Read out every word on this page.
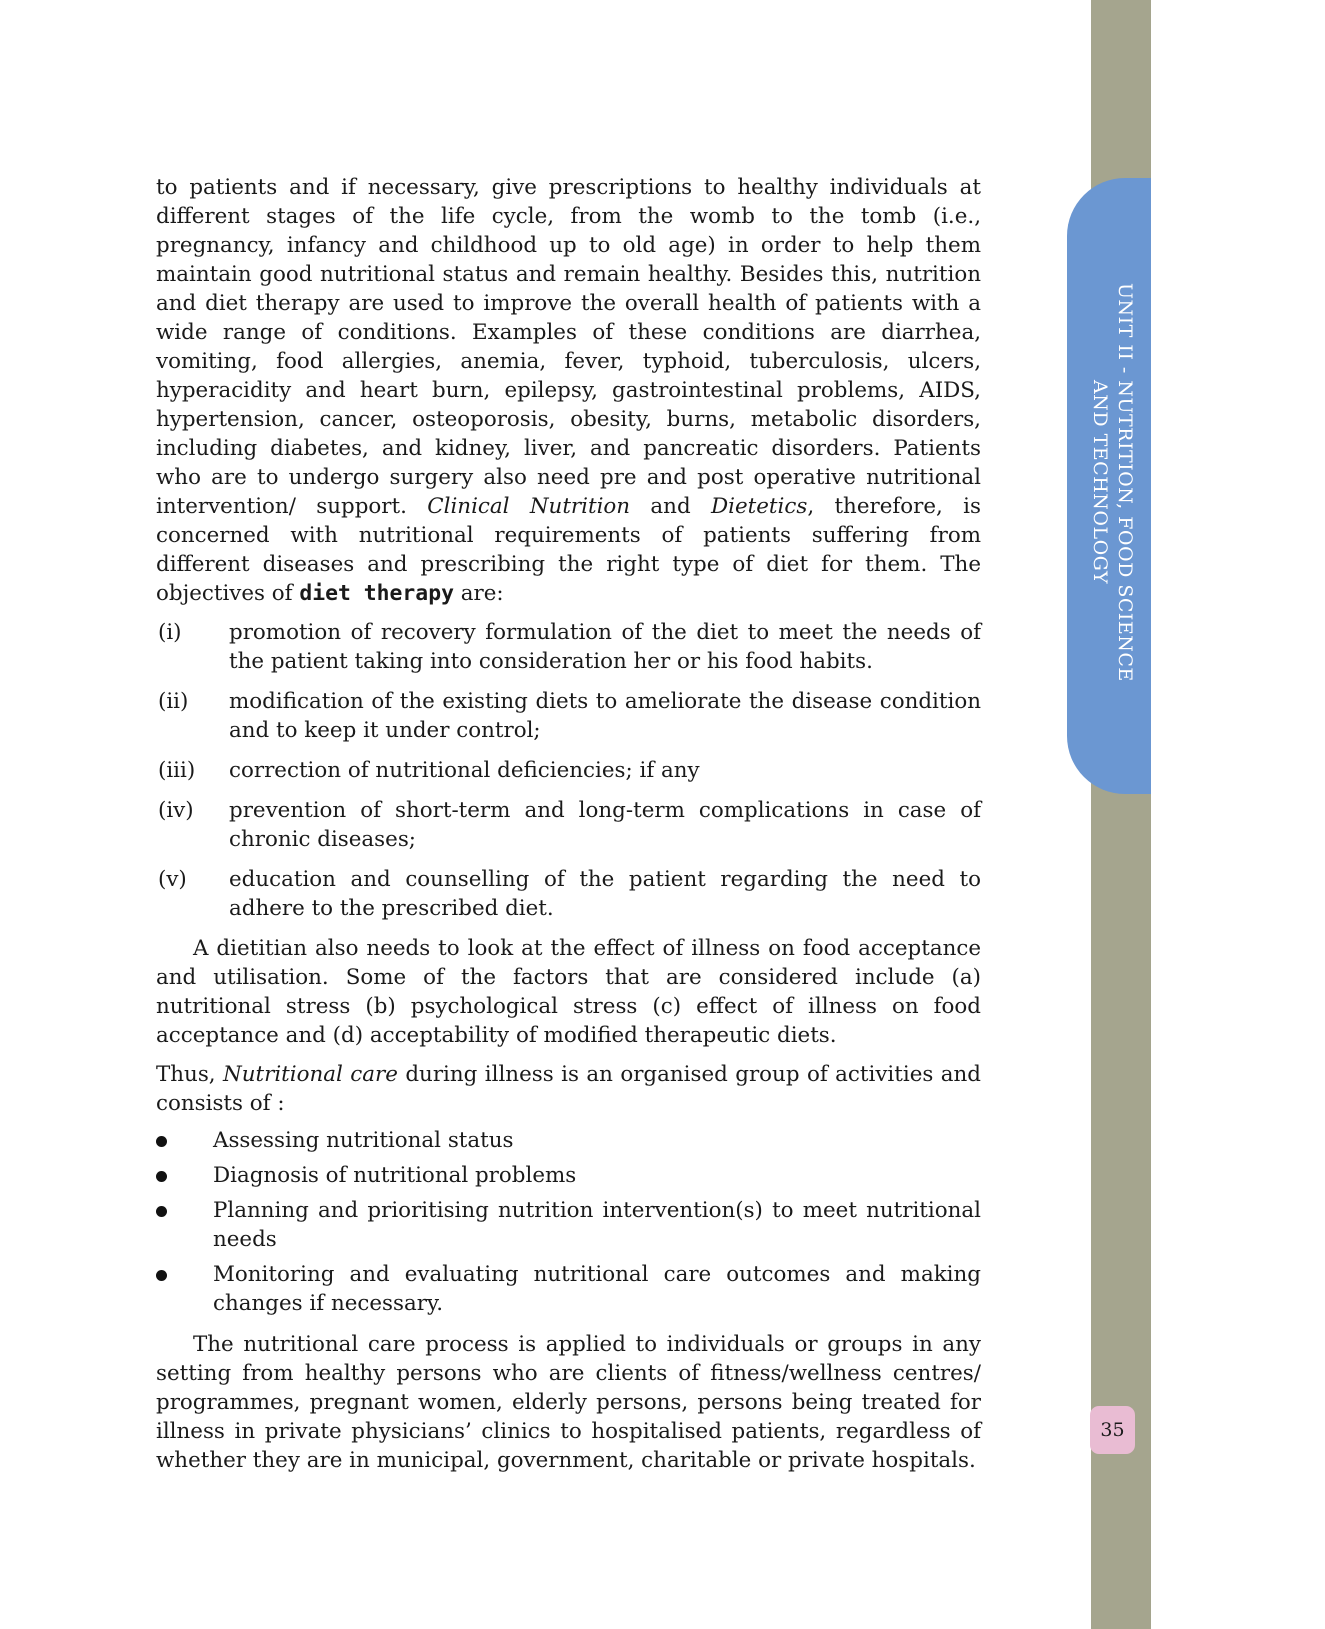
UNIT II - NUTRITION, FOOD SCIENCE AND TECHNOLOGY
35

to patients and if necessary, give prescriptions to healthy individuals at different stages of the life cycle, from the womb to the tomb (i.e., pregnancy, infancy and childhood up to old age) in order to help them maintain good nutritional status and remain healthy. Besides this, nutrition and diet therapy are used to improve the overall health of patients with a wide range of conditions. Examples of these conditions are diarrhea, vomiting, food allergies, anemia, fever, typhoid, tuberculosis, ulcers, hyperacidity and heart burn, epilepsy, gastrointestinal problems, AIDS, hypertension, cancer, osteoporosis, obesity, burns, metabolic disorders, including diabetes, and kidney, liver, and pancreatic disorders. Patients who are to undergo surgery also need pre and post operative nutritional intervention/ support. Clinical Nutrition and Dietetics, therefore, is concerned with nutritional requirements of patients suffering from different diseases and prescribing the right type of diet for them. The objectives of diet therapy are:

(i) promotion of recovery formulation of the diet to meet the needs of the patient taking into consideration her or his food habits.
(ii) modification of the existing diets to ameliorate the disease condition and to keep it under control;
(iii) correction of nutritional deficiencies; if any
(iv) prevention of short-term and long-term complications in case of chronic diseases;
(v) education and counselling of the patient regarding the need to adhere to the prescribed diet.

A dietitian also needs to look at the effect of illness on food acceptance and utilisation. Some of the factors that are considered include (a) nutritional stress (b) psychological stress (c) effect of illness on food acceptance and (d) acceptability of modified therapeutic diets.

Thus, Nutritional care during illness is an organised group of activities and consists of :

Assessing nutritional status
Diagnosis of nutritional problems
Planning and prioritising nutrition intervention(s) to meet nutritional needs
Monitoring and evaluating nutritional care outcomes and making changes if necessary.

The nutritional care process is applied to individuals or groups in any setting from healthy persons who are clients of fitness/wellness centres/ programmes, pregnant women, elderly persons, persons being treated for illness in private physicians’ clinics to hospitalised patients, regardless of whether they are in municipal, government, charitable or private hospitals.
